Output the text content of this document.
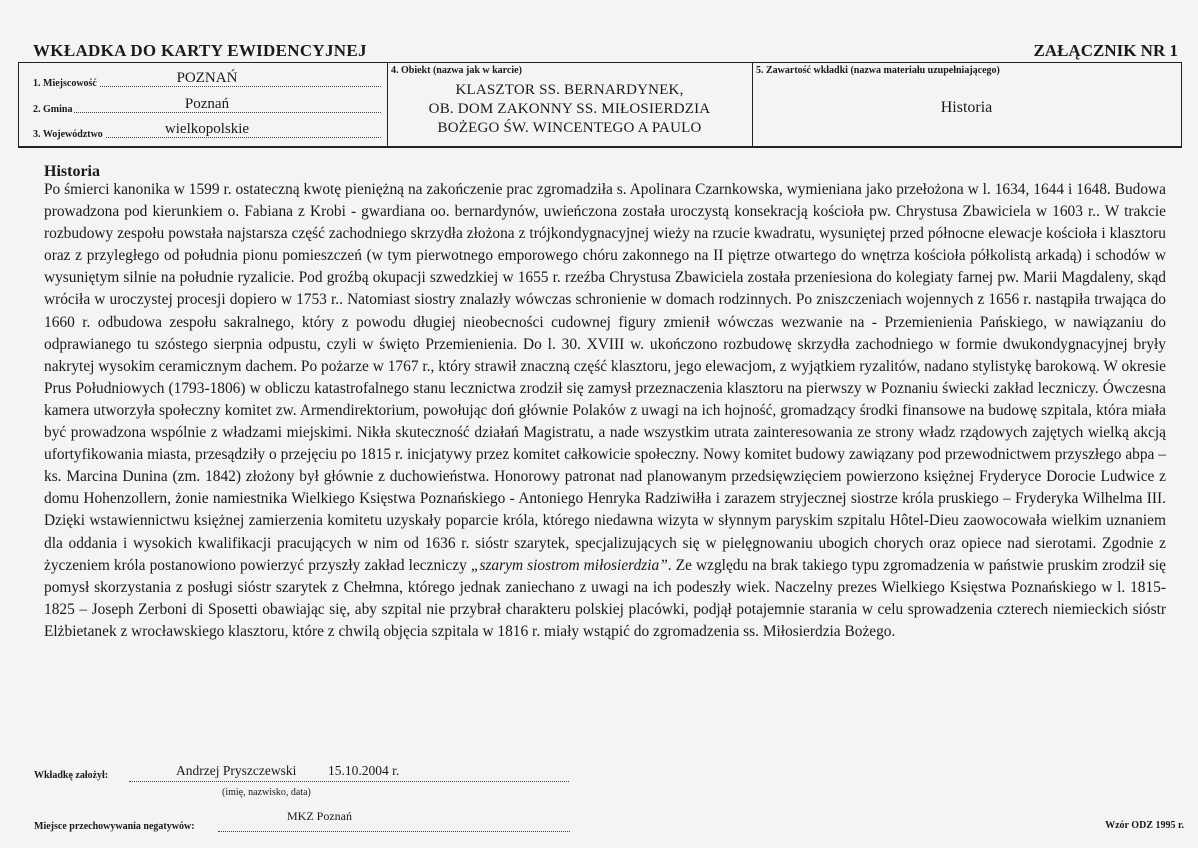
WKŁADKA DO KARTY EWIDENCYJNEJ	ZAŁĄCZNIK NR 1
1. Miejscowość	POZNAŃ
2. Gmina	Poznań
3. Województwo	wielkopolskie
4. Obiekt (nazwa jak w karcie)
KLASZTOR SS. BERNARDYNEK,
OB. DOM ZAKONNY SS. MIŁOSIERDZIA
BOŻEGO ŚW. WINCENTEGO A PAULO
5. Zawartość wkładki (nazwa materiału uzupełniającego)
Historia
Historia
Po śmierci kanonika w 1599 r. ostateczną kwotę pieniężną na zakończenie prac zgromadziła s. Apolinara Czarnkowska, wymieniana jako przełożona w l. 1634, 1644 i 1648. Budowa prowadzona pod kierunkiem o. Fabiana z Krobi - gwardiana oo. bernardynów, uwieńczona została uroczystą konsekracją kościoła pw. Chrystusa Zbawiciela w 1603 r.. W trakcie rozbudowy zespołu powstała najstarsza część zachodniego skrzydła złożona z trójkondygnacyjnej wieży na rzucie kwadratu, wysuniętej przed północne elewacje kościoła i klasztoru oraz z przyległego od południa pionu pomieszczeń (w tym pierwotnego emporowego chóru zakonnego na II piętrze otwartego do wnętrza kościoła półkolistą arkadą) i schodów w wysuniętym silnie na południe ryzalicie. Pod groźbą okupacji szwedzkiej w 1655 r. rzeźba Chrystusa Zbawiciela została przeniesiona do kolegiaty farnej pw. Marii Magdaleny, skąd wróciła w uroczystej procesji dopiero w 1753 r.. Natomiast siostry znalazły wówczas schronienie w domach rodzinnych. Po zniszczeniach wojennych z 1656 r. nastąpiła trwająca do 1660 r. odbudowa zespołu sakralnego, który z powodu długiej nieobecności cudownej figury zmienił wówczas wezwanie na - Przemienienia Pańskiego, w nawiązaniu do odprawianego tu szóstego sierpnia odpustu, czyli w święto Przemienienia. Do l. 30. XVIII w. ukończono rozbudowę skrzydła zachodniego w formie dwukondygnacyjnej bryły nakrytej wysokim ceramicznym dachem. Po pożarze w 1767 r., który strawił znaczną część klasztoru, jego elewacjom, z wyjątkiem ryzalitów, nadano stylistykę barokową. W okresie Prus Południowych (1793-1806) w obliczu katastrofalnego stanu lecznictwa zrodził się zamysł przeznaczenia klasztoru na pierwszy w Poznaniu świecki zakład leczniczy. Ówczesna kamera utworzyła społeczny komitet zw. Armendirektorium, powołując doń głównie Polaków z uwagi na ich hojność, gromadzący środki finansowe na budowę szpitala, która miała być prowadzona wspólnie z władzami miejskimi. Nikła skuteczność działań Magistratu, a nade wszystkim utrata zainteresowania ze strony władz rządowych zajętych wielką akcją ufortyfikowania miasta, przesądziły o przejęciu po 1815 r. inicjatywy przez komitet całkowicie społeczny. Nowy komitet budowy zawiązany pod przewodnictwem przyszłego abpa – ks. Marcina Dunina (zm. 1842) złożony był głównie z duchowieństwa. Honorowy patronat nad planowanym przedsięwzięciem powierzono księżnej Fryderyce Dorocie Ludwice z domu Hohenzollern, żonie namiestnika Wielkiego Księstwa Poznańskiego - Antoniego Henryka Radziwiłła i zarazem stryjecznej siostrze króla pruskiego – Fryderyka Wilhelma III. Dzięki wstawiennictwu księżnej zamierzenia komitetu uzyskały poparcie króla, którego niedawna wizyta w słynnym paryskim szpitalu Hôtel-Dieu zaowocowała wielkim uznaniem dla oddania i wysokich kwalifikacji pracujących w nim od 1636 r. sióstr szarytek, specjalizujących się w pielęgnowaniu ubogich chorych oraz opiece nad sierotami. Zgodnie z życzeniem króla postanowiono powierzyć przyszły zakład leczniczy „szarym siostrom miłosierdzia”. Ze względu na brak takiego typu zgromadzenia w państwie pruskim zrodził się pomysł skorzystania z posługi sióstr szarytek z Chełmna, którego jednak zaniechano z uwagi na ich podeszły wiek. Naczelny prezes Wielkiego Księstwa Poznańskiego w l. 1815-1825 – Joseph Zerboni di Sposetti obawiając się, aby szpital nie przybrał charakteru polskiej placówki, podjął potajemnie starania w celu sprowadzenia czterech niemieckich sióstr Elżbietanek z wrocławskiego klasztoru, które z chwilą objęcia szpitala w 1816 r. miały wstąpić do zgromadzenia ss. Miłosierdzia Bożego.
Wkładkę założył:	Andrzej Pryszczewski 15.10.2004 r.
(imię, nazwisko, data)
Miejsce przechowywania negatywów:
MKZ Poznań
Wzór ODZ 1995 r.
